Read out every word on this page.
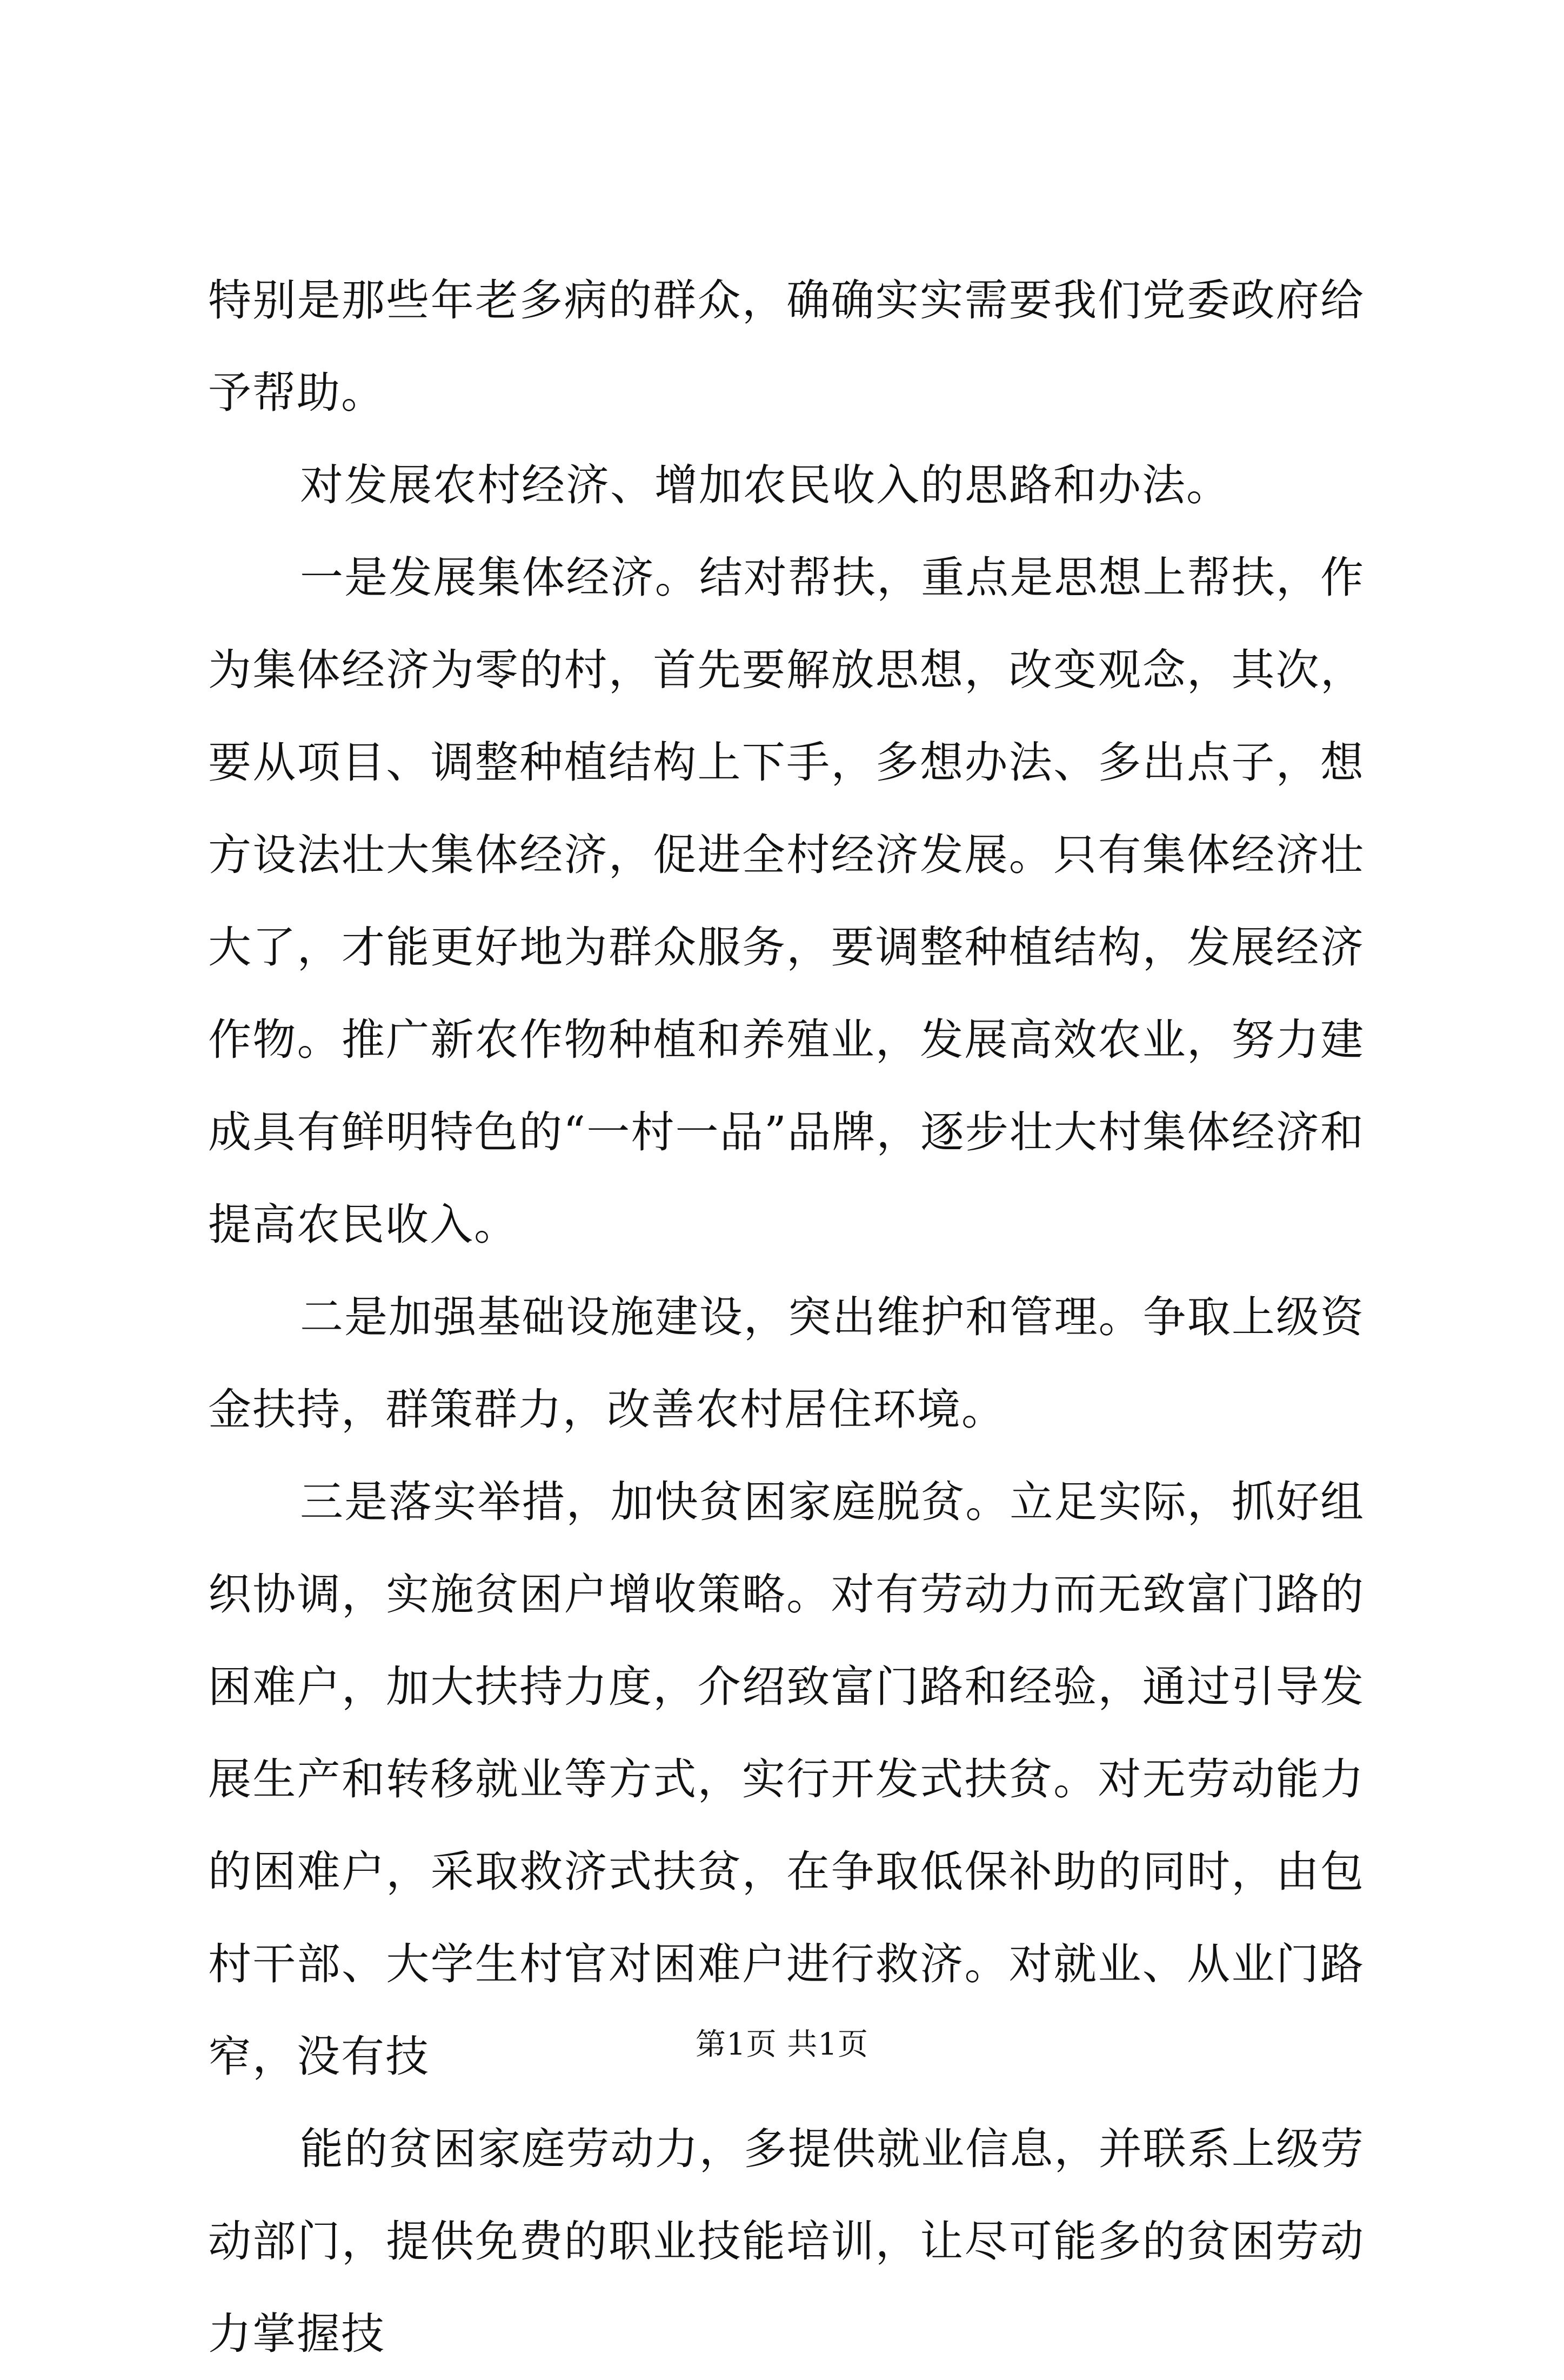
特别是那些年老多病的群众，确确实实需要我们党委政府给予帮助。

对发展农村经济、增加农民收入的思路和办法。

一是发展集体经济。结对帮扶，重点是思想上帮扶，作为集体经济为零的村，首先要解放思想，改变观念，其次，要从项目、调整种植结构上下手，多想办法、多出点子，想方设法壮大集体经济，促进全村经济发展。只有集体经济壮大了，才能更好地为群众服务，要调整种植结构，发展经济作物。推广新农作物种植和养殖业，发展高效农业，努力建成具有鲜明特色的“一村一品”品牌，逐步壮大村集体经济和提高农民收入。

二是加强基础设施建设，突出维护和管理。争取上级资金扶持，群策群力，改善农村居住环境。

三是落实举措，加快贫困家庭脱贫。立足实际，抓好组织协调，实施贫困户增收策略。对有劳动力而无致富门路的困难户，加大扶持力度，介绍致富门路和经验，通过引导发展生产和转移就业等方式，实行开发式扶贫。对无劳动能力的困难户，采取救济式扶贫，在争取低保补助的同时，由包村干部、大学生村官对困难户进行救济。对就业、从业门路窄，没有技

能的贫困家庭劳动力，多提供就业信息，并联系上级劳动部门，提供免费的职业技能培训，让尽可能多的贫困劳动力掌握技

第1页 共1页
